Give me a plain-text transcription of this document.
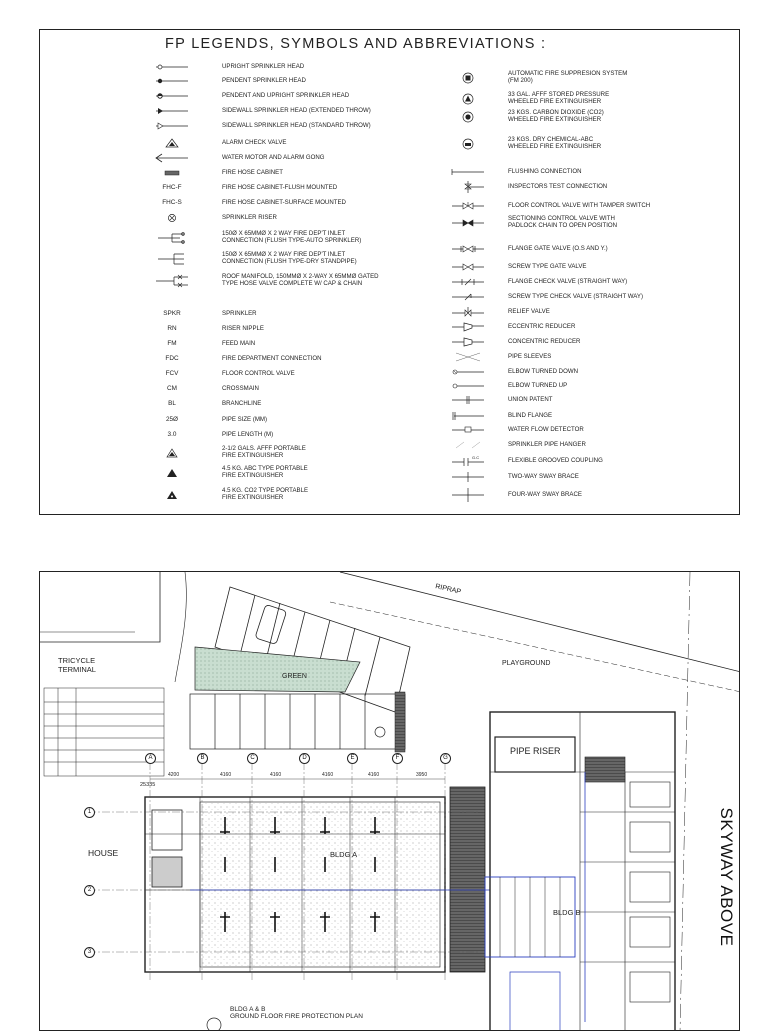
FP LEGENDS, SYMBOLS AND ABBREVIATIONS :
UPRIGHT SPRINKLER HEAD
PENDENT SPRINKLER HEAD
PENDENT AND UPRIGHT SPRINKLER HEAD
SIDEWALL SPRINKLER HEAD (EXTENDED THROW)
SIDEWALL SPRINKLER HEAD (STANDARD THROW)
ALARM CHECK VALVE
WATER MOTOR AND ALARM GONG
FIRE HOSE CABINET
FHC-F	FIRE HOSE CABINET-FLUSH MOUNTED
FHC-S	FIRE HOSE CABINET-SURFACE MOUNTED
SPRINKLER RISER
150Ø X 65MMØ X 2 WAY FIRE DEP'T INLET
CONNECTION (FLUSH TYPE-AUTO SPRINKLER)
150Ø X 65MMØ X 2 WAY FIRE DEP'T INLET
CONNECTION (FLUSH TYPE-DRY STANDPIPE)
ROOF MANIFOLD, 150MMØ X 2-WAY X 65MMØ GATED
TYPE HOSE VALVE COMPLETE W/ CAP & CHAIN
SPKR	SPRINKLER
RN	RISER NIPPLE
FM	FEED MAIN
FDC	FIRE DEPARTMENT CONNECTION
FCV	FLOOR CONTROL VALVE
CM	CROSSMAIN
BL	BRANCHLINE
25Ø	PIPE SIZE (MM)
3.0	PIPE LENGTH (M)
2-1/2 GALS. AFFF PORTABLE
FIRE EXTINGUISHER
4.5 KG. ABC TYPE PORTABLE
FIRE EXTINGUISHER
4.5 KG. CO2 TYPE PORTABLE
FIRE EXTINGUISHER
AUTOMATIC FIRE SUPPRESION SYSTEM
(FM 200)
33 GAL. AFFF STORED PRESSURE
WHEELED FIRE EXTINGUISHER
23 KGS. CARBON DIOXIDE (CO2)
WHEELED FIRE EXTINGUISHER
23 KGS. DRY CHEMICAL-ABC
WHEELED FIRE EXTINGUISHER
FLUSHING CONNECTION
INSPECTORS TEST CONNECTION
FLOOR CONTROL VALVE WITH TAMPER SWITCH
SECTIONING CONTROL VALVE WITH
PADLOCK CHAIN TO OPEN POSITION
FLANGE GATE VALVE (O.S AND Y.)
SCREW TYPE GATE VALVE
FLANGE CHECK VALVE (STRAIGHT WAY)
SCREW TYPE CHECK VALVE (STRAIGHT WAY)
RELIEF VALVE
ECCENTRIC REDUCER
CONCENTRIC REDUCER
PIPE SLEEVES
ELBOW TURNED DOWN
ELBOW TURNED UP
UNION PATENT
BLIND FLANGE
WATER FLOW DETECTOR
SPRINKLER PIPE HANGER
G.C	FLEXIBLE GROOVED COUPLING
TWO-WAY SWAY BRACE
FOUR-WAY SWAY BRACE
RIPRAP
PLAYGROUND
GREEN
TRICYCLE
TERMINAL
HOUSE
PIPE RISER
BLDG A
BLDG B
25335
BLDG A & B
GROUND FLOOR FIRE PROTECTION PLAN
SKYWAY ABOVE
A	B	C	D	E	F	G
1
2
3
4200	4160	4160	4160	4160	3950
